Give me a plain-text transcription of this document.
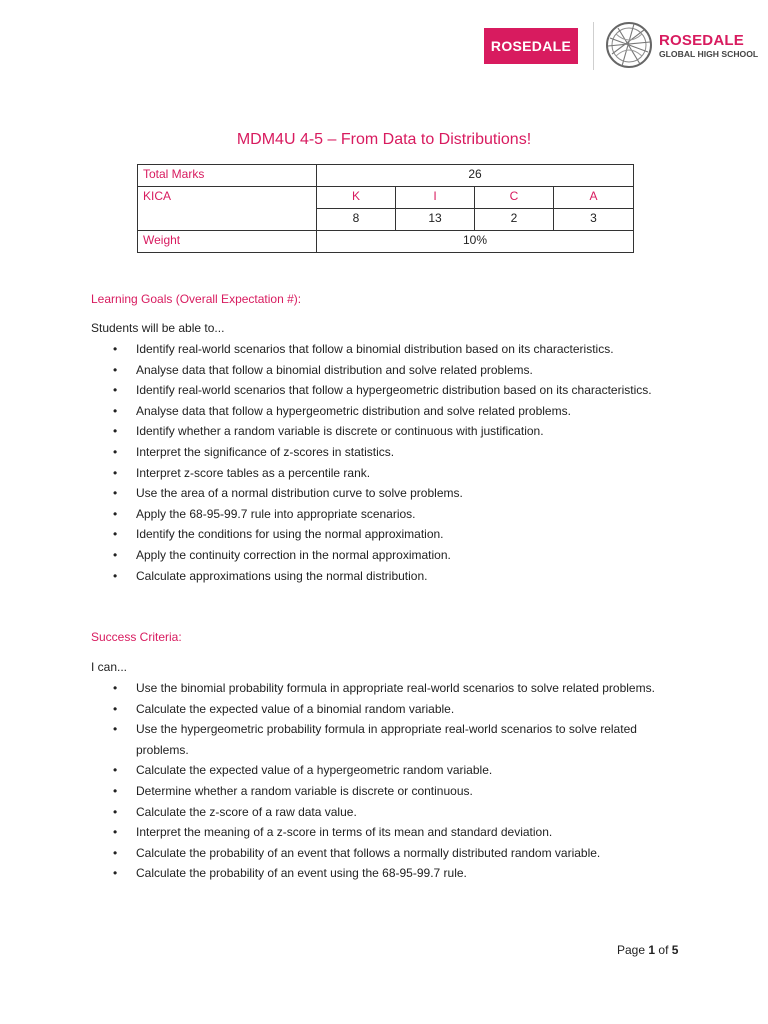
ROSEDALE	ROSEDALE
GLOBAL HIGH SCHOOL
MDM4U 4-5 – From Data to Distributions!
Total Marks	26			
KICA	K	I	C	A
	8	13	2	3
Weight	10%			
Learning Goals (Overall Expectation #):
Students will be able to...
• Identify real-world scenarios that follow a binomial distribution based on its characteristics.
• Analyse data that follow a binomial distribution and solve related problems.
• Identify real-world scenarios that follow a hypergeometric distribution based on its characteristics.
• Analyse data that follow a hypergeometric distribution and solve related problems.
• Identify whether a random variable is discrete or continuous with justification.
• Interpret the significance of z-scores in statistics.
• Interpret z-score tables as a percentile rank.
• Use the area of a normal distribution curve to solve problems.
• Apply the 68-95-99.7 rule into appropriate scenarios.
• Identify the conditions for using the normal approximation.
• Apply the continuity correction in the normal approximation.
• Calculate approximations using the normal distribution.
Success Criteria:
I can...
• Use the binomial probability formula in appropriate real-world scenarios to solve related problems.
• Calculate the expected value of a binomial random variable.
• Use the hypergeometric probability formula in appropriate real-world scenarios to solve related problems.
• Calculate the expected value of a hypergeometric random variable.
• Determine whether a random variable is discrete or continuous.
• Calculate the z-score of a raw data value.
• Interpret the meaning of a z-score in terms of its mean and standard deviation.
• Calculate the probability of an event that follows a normally distributed random variable.
• Calculate the probability of an event using the 68-95-99.7 rule.
Page 1 of 5
